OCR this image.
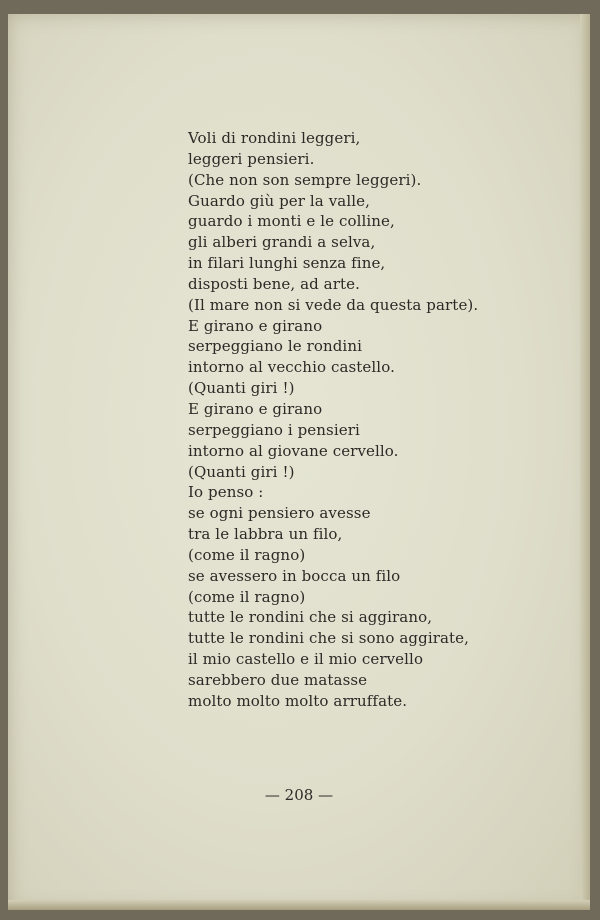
Voli di rondini leggeri,
leggeri pensieri.
(Che non son sempre leggeri).
Guardo giù per la valle,
guardo i monti e le colline,
gli alberi grandi a selva,
in filari lunghi senza fine,
disposti bene, ad arte.
(Il mare non si vede da questa parte).
E girano e girano
serpeggiano le rondini
intorno al vecchio castello.
(Quanti giri !)
E girano e girano
serpeggiano i pensieri
intorno al giovane cervello.
(Quanti giri !)
Io penso :
se ogni pensiero avesse
tra le labbra un filo,
(come il ragno)
se avessero in bocca un filo
(come il ragno)
tutte le rondini che si aggirano,
tutte le rondini che si sono aggirate,
il mio castello e il mio cervello
sarebbero due matasse
molto molto molto arruffate.
— 208 —
